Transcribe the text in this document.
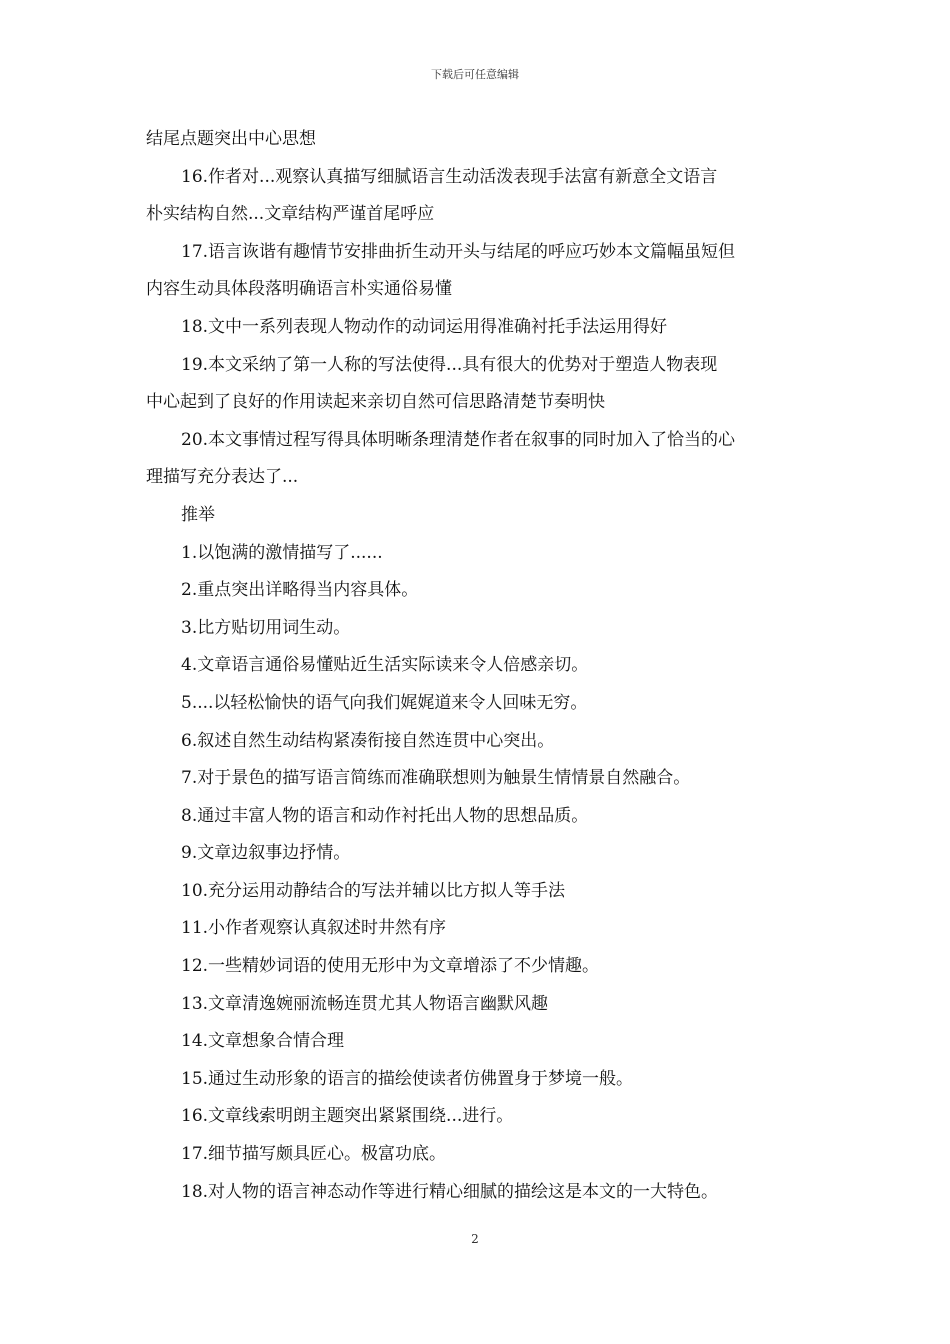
下载后可任意编辑
结尾点题突出中心思想
16.作者对...观察认真描写细腻语言生动活泼表现手法富有新意全文语言
朴实结构自然...文章结构严谨首尾呼应
17.语言诙谐有趣情节安排曲折生动开头与结尾的呼应巧妙本文篇幅虽短但
内容生动具体段落明确语言朴实通俗易懂
18.文中一系列表现人物动作的动词运用得准确衬托手法运用得好
19.本文采纳了第一人称的写法使得...具有很大的优势对于塑造人物表现
中心起到了良好的作用读起来亲切自然可信思路清楚节奏明快
20.本文事情过程写得具体明晰条理清楚作者在叙事的同时加入了恰当的心
理描写充分表达了...
推举
1.以饱满的激情描写了......
2.重点突出详略得当内容具体。
3.比方贴切用词生动。
4.文章语言通俗易懂贴近生活实际读来令人倍感亲切。
5....以轻松愉快的语气向我们娓娓道来令人回味无穷。
6.叙述自然生动结构紧凑衔接自然连贯中心突出。
7.对于景色的描写语言简练而准确联想则为触景生情情景自然融合。
8.通过丰富人物的语言和动作衬托出人物的思想品质。
9.文章边叙事边抒情。
10.充分运用动静结合的写法并辅以比方拟人等手法
11.小作者观察认真叙述时井然有序
12.一些精妙词语的使用无形中为文章增添了不少情趣。
13.文章清逸婉丽流畅连贯尤其人物语言幽默风趣
14.文章想象合情合理
15.通过生动形象的语言的描绘使读者仿佛置身于梦境一般。
16.文章线索明朗主题突出紧紧围绕...进行。
17.细节描写颇具匠心。极富功底。
18.对人物的语言神态动作等进行精心细腻的描绘这是本文的一大特色。
2
